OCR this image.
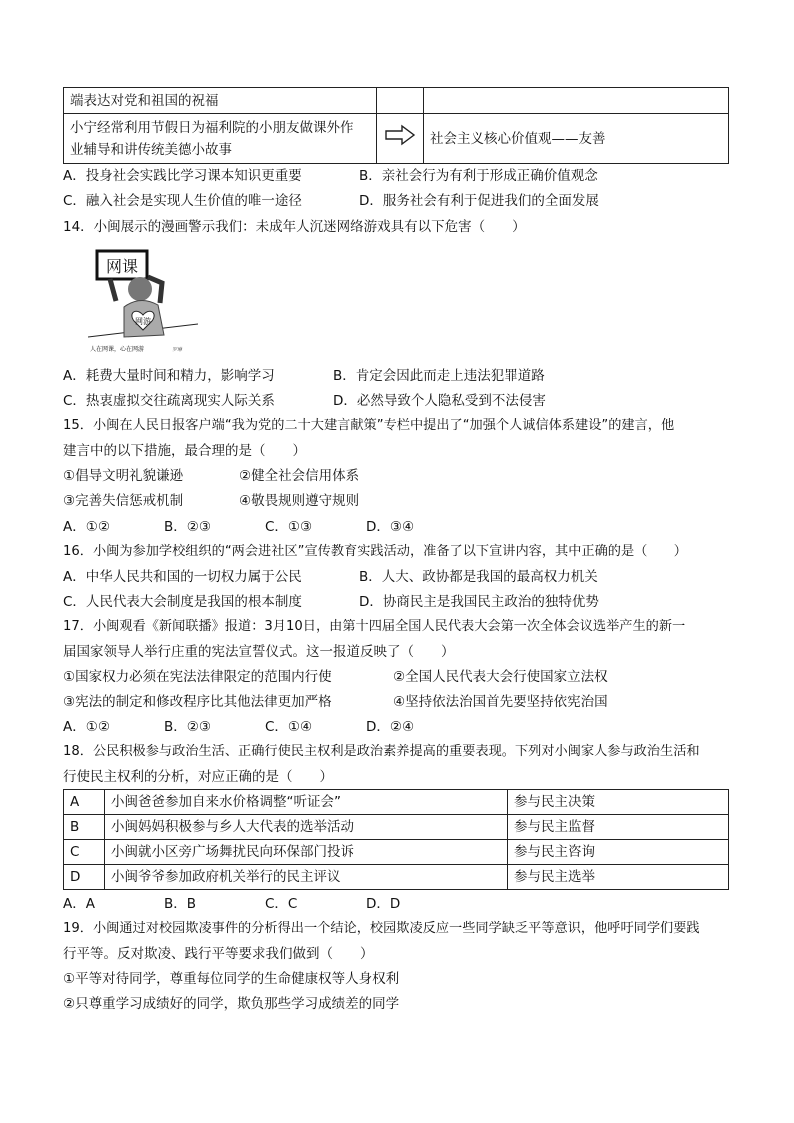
端表达对党和祖国的祝福		

小宁经常利用节假日为福利院的小朋友做课外作
业辅导和讲传统美德小故事		社会主义核心价值观——友善
A．投身社会实践比学习课本知识更重要	B．亲社会行为有利于形成正确价值观念
C．融入社会是实现人生价值的唯一途径	D．服务社会有利于促进我们的全面发展
14．小闽展示的漫画警示我们：未成年人沉迷网络游戏具有以下危害（　　）
网课
网游
人在网课，心在网游	罗琳
A．耗费大量时间和精力，影响学习	B．肯定会因此而走上违法犯罪道路
C．热衷虚拟交往疏离现实人际关系	D．必然导致个人隐私受到不法侵害
15．小闽在人民日报客户端“我为党的二十大建言献策”专栏中提出了“加强个人诚信体系建设”的建言，他
建言中的以下措施，最合理的是（　　）
①倡导文明礼貌谦逊	②健全社会信用体系
③完善失信惩戒机制	④敬畏规则遵守规则
A．①②	B．②③	C．①③	D．③④
16．小闽为参加学校组织的“两会进社区”宣传教育实践活动，准备了以下宣讲内容，其中正确的是（　　）
A．中华人民共和国的一切权力属于公民	B．人大、政协都是我国的最高权力机关
C．人民代表大会制度是我国的根本制度	D．协商民主是我国民主政治的独特优势
17．小闽观看《新闻联播》报道：3月10日，由第十四届全国人民代表大会第一次全体会议选举产生的新一
届国家领导人举行庄重的宪法宣誓仪式。这一报道反映了（　　）
①国家权力必须在宪法法律限定的范围内行使	②全国人民代表大会行使国家立法权
③宪法的制定和修改程序比其他法律更加严格	④坚持依法治国首先要坚持依宪治国
A．①②	B．②③	C．①④	D．②④
18．公民积极参与政治生活、正确行使民主权利是政治素养提高的重要表现。下列对小闽家人参与政治生活和
行使民主权利的分析，对应正确的是（　　）
A	小闽爸爸参加自来水价格调整“听证会”	参与民主决策
B	小闽妈妈积极参与乡人大代表的选举活动	参与民主监督
C	小闽就小区旁广场舞扰民向环保部门投诉	参与民主咨询
D	小闽爷爷参加政府机关举行的民主评议	参与民主选举
A．A	B．B	C．C	D．D
19．小闽通过对校园欺凌事件的分析得出一个结论，校园欺凌反应一些同学缺乏平等意识，他呼吁同学们要践
行平等。反对欺凌、践行平等要求我们做到（　　）
①平等对待同学，尊重每位同学的生命健康权等人身权利
②只尊重学习成绩好的同学，欺负那些学习成绩差的同学
